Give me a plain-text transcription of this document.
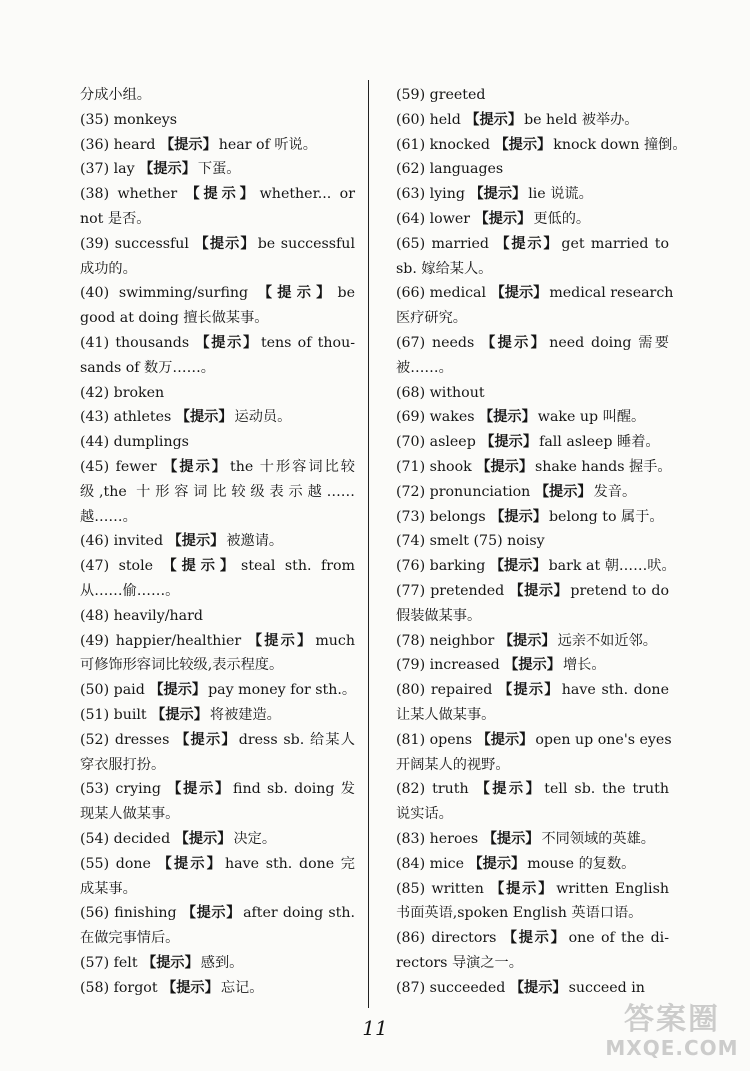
分成小组。
(35) monkeys
(36) heard 【提示】 hear of 听说。
(37) lay 【提示】 下蛋。
(38) whether 【提示】 whether... or
not 是否。
(39) successful 【提示】 be successful
成功的。
(40) swimming/surfing 【提示】 be
good at doing 擅长做某事。
(41) thousands 【提示】 tens of thou-
sands of 数万……。
(42) broken
(43) athletes 【提示】 运动员。
(44) dumplings
(45) fewer 【提示】 the 十形容词比较
级,the 十形容词比较级表示越……
越……。
(46) invited 【提示】 被邀请。
(47) stole 【提示】 steal sth. from
从……偷……。
(48) heavily/hard
(49) happier/healthier 【提示】 much
可修饰形容词比较级,表示程度。
(50) paid 【提示】 pay money for sth.。
(51) built 【提示】 将被建造。
(52) dresses 【提示】 dress sb. 给某人
穿衣服打扮。
(53) crying 【提示】 find sb. doing 发
现某人做某事。
(54) decided 【提示】 决定。
(55) done 【提示】 have sth. done 完
成某事。
(56) finishing 【提示】 after doing sth.
在做完事情后。
(57) felt 【提示】 感到。
(58) forgot 【提示】 忘记。
(59) greeted
(60) held 【提示】 be held 被举办。
(61) knocked 【提示】 knock down 撞倒。
(62) languages
(63) lying 【提示】 lie 说谎。
(64) lower 【提示】 更低的。
(65) married 【提示】 get married to
sb. 嫁给某人。
(66) medical 【提示】 medical research
医疗研究。
(67) needs 【提示】 need doing 需要
被……。
(68) without
(69) wakes 【提示】 wake up 叫醒。
(70) asleep 【提示】 fall asleep 睡着。
(71) shook 【提示】 shake hands 握手。
(72) pronunciation 【提示】 发音。
(73) belongs 【提示】 belong to 属于。
(74) smelt (75) noisy
(76) barking 【提示】 bark at 朝……吠。
(77) pretended 【提示】 pretend to do
假装做某事。
(78) neighbor 【提示】 远亲不如近邻。
(79) increased 【提示】 增长。
(80) repaired 【提示】 have sth. done
让某人做某事。
(81) opens 【提示】 open up one's eyes
开阔某人的视野。
(82) truth 【提示】 tell sb. the truth
说实话。
(83) heroes 【提示】 不同领域的英雄。
(84) mice 【提示】 mouse 的复数。
(85) written 【提示】 written English
书面英语,spoken English 英语口语。
(86) directors 【提示】 one of the di-
rectors 导演之一。
(87) succeeded 【提示】 succeed in
11	答案圈
MXQE.COM
